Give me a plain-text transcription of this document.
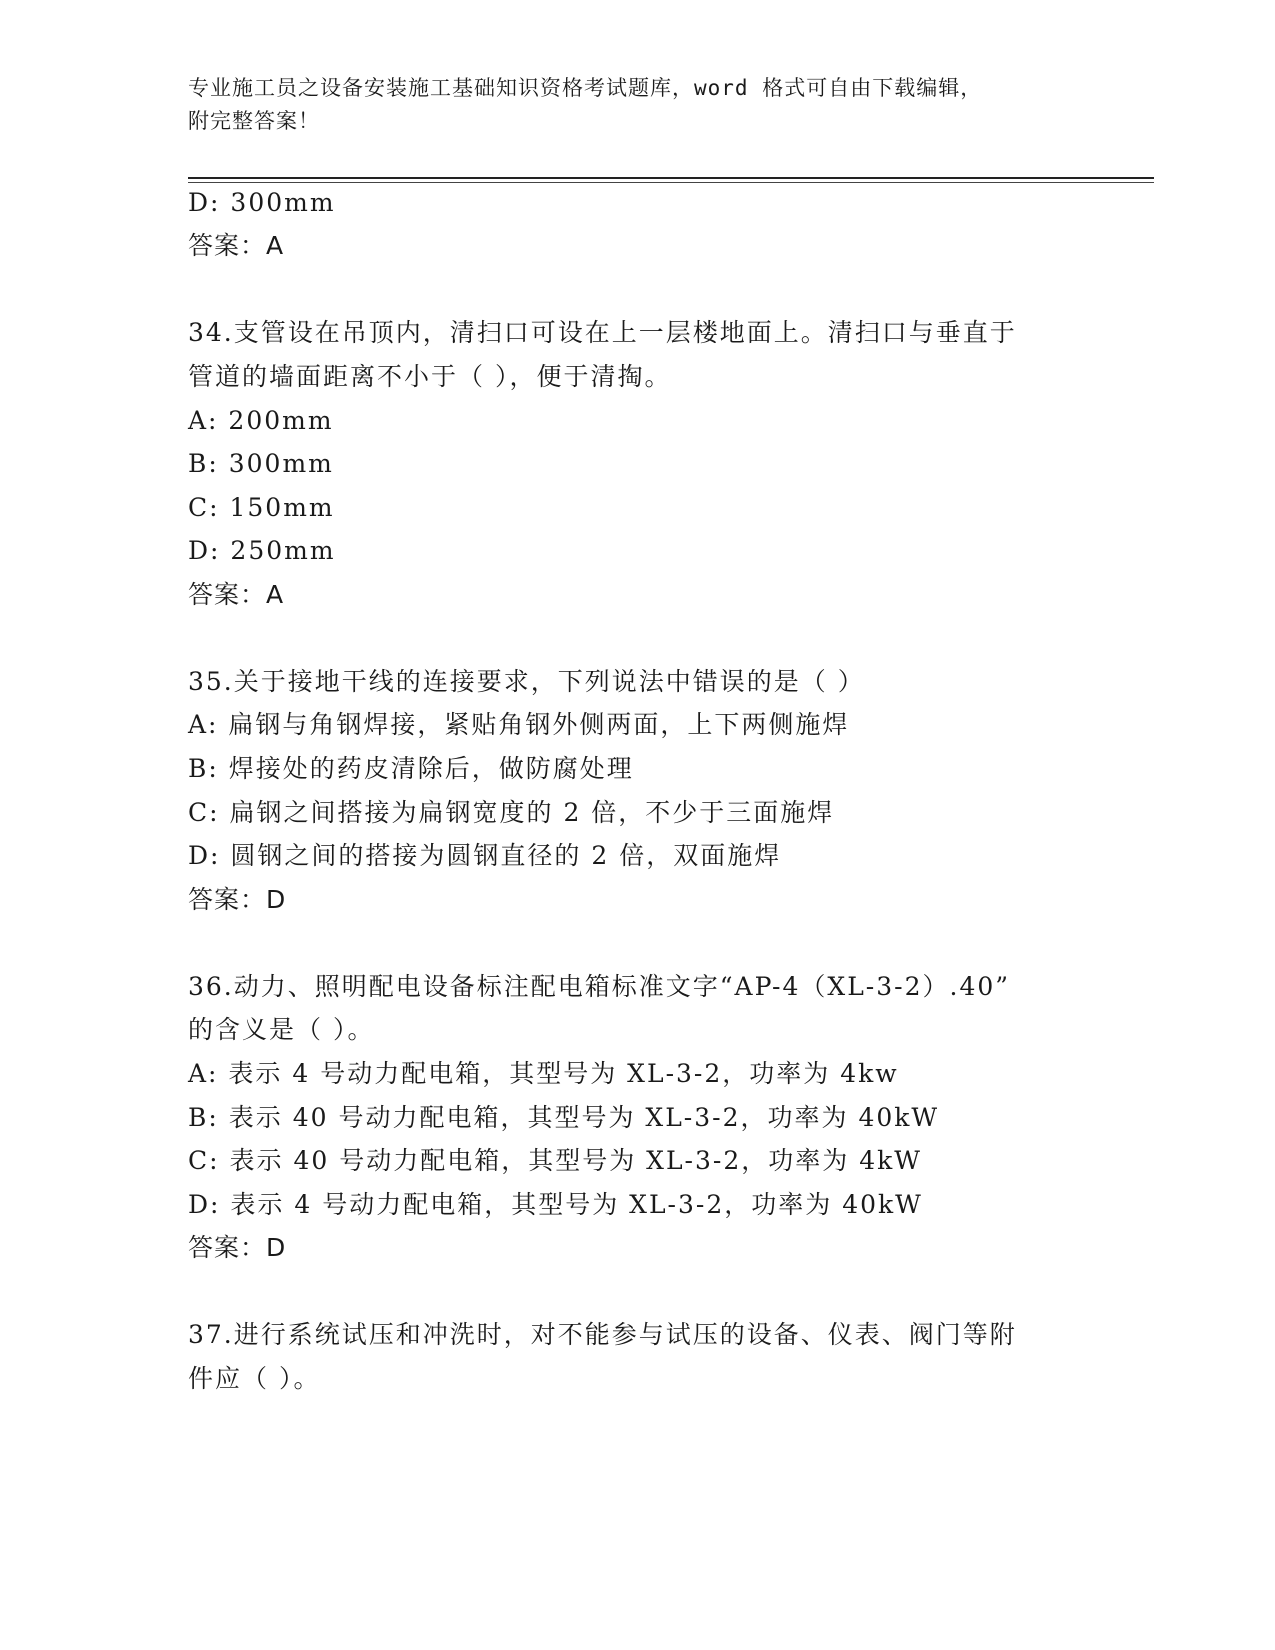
专业施工员之设备安装施工基础知识资格考试题库，word 格式可自由下载编辑，
附完整答案！
D: 300mm
答案：A
34.支管设在吊顶内，清扫口可设在上一层楼地面上。清扫口与垂直于
管道的墙面距离不小于（ ），便于清掏。
A: 200mm
B: 300mm
C: 150mm
D: 250mm
答案：A
35.关于接地干线的连接要求，下列说法中错误的是（ ）
A: 扁钢与角钢焊接，紧贴角钢外侧两面，上下两侧施焊
B: 焊接处的药皮清除后，做防腐处理
C: 扁钢之间搭接为扁钢宽度的 2 倍，不少于三面施焊
D: 圆钢之间的搭接为圆钢直径的 2 倍，双面施焊
答案：D
36.动力、照明配电设备标注配电箱标准文字“AP-4（XL-3-2）.40”
的含义是（ ）。
A: 表示 4 号动力配电箱，其型号为 XL-3-2，功率为 4kw
B: 表示 40 号动力配电箱，其型号为 XL-3-2，功率为 40kW
C: 表示 40 号动力配电箱，其型号为 XL-3-2，功率为 4kW
D: 表示 4 号动力配电箱，其型号为 XL-3-2，功率为 40kW
答案：D
37.进行系统试压和冲洗时，对不能参与试压的设备、仪表、阀门等附
件应（ ）。
